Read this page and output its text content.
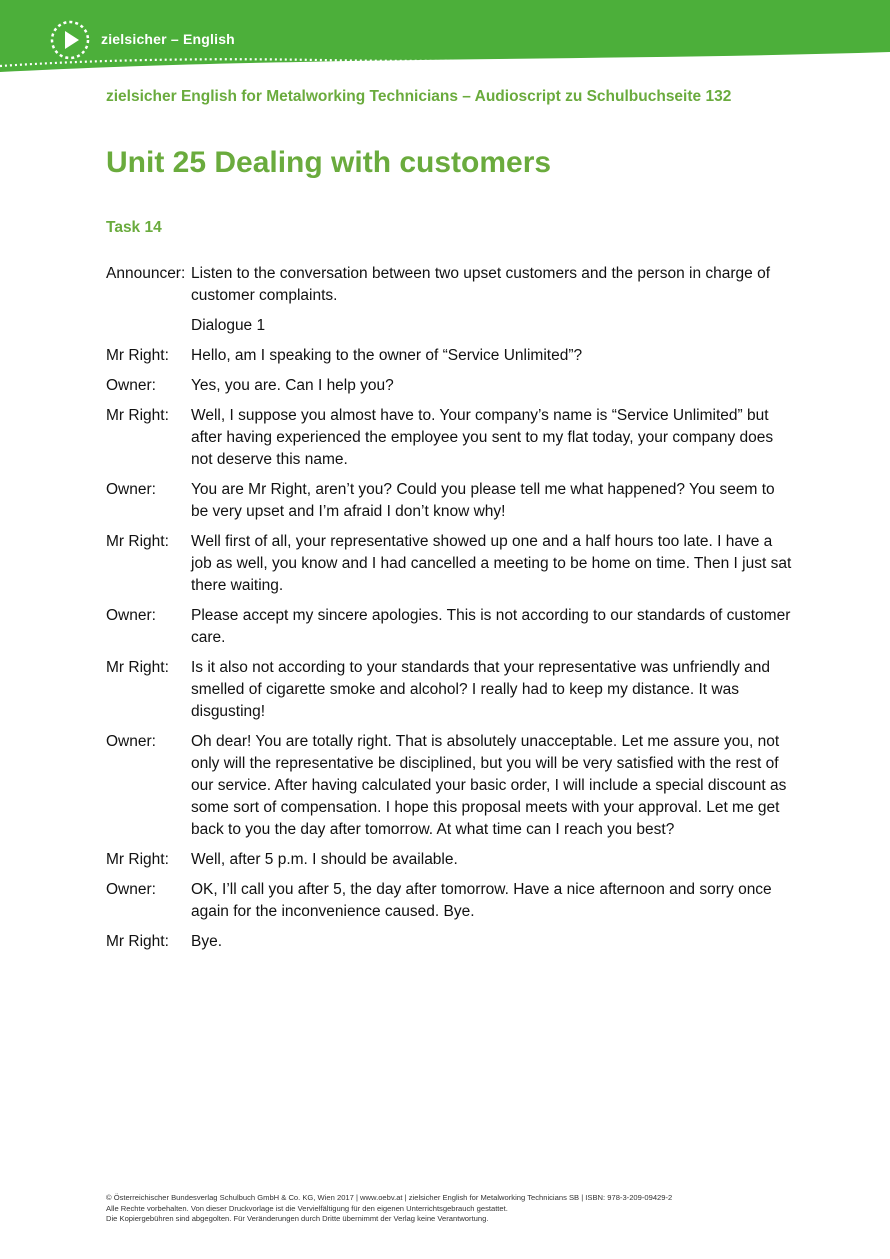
zielsicher – English
zielsicher English for Metalworking Technicians – Audioscript zu Schulbuchseite 132
Unit 25 Dealing with customers
Task 14
Announcer: Listen to the conversation between two upset customers and the person in charge of customer complaints.
Dialogue 1
Mr Right:	Hello, am I speaking to the owner of “Service Unlimited”?
Owner:	Yes, you are. Can I help you?
Mr Right:	Well, I suppose you almost have to. Your company’s name is “Service Unlimited” but after having experienced the employee you sent to my flat today, your company does not deserve this name.
Owner:	You are Mr Right, aren’t you? Could you please tell me what happened? You seem to be very upset and I’m afraid I don’t know why!
Mr Right:	Well first of all, your representative showed up one and a half hours too late. I have a job as well, you know and I had cancelled a meeting to be home on time. Then I just sat there waiting.
Owner:	Please accept my sincere apologies. This is not according to our standards of customer care.
Mr Right:	Is it also not according to your standards that your representative was unfriendly and smelled of cigarette smoke and alcohol? I really had to keep my distance. It was disgusting!
Owner:	Oh dear! You are totally right. That is absolutely unacceptable. Let me assure you, not only will the representative be disciplined, but you will be very satisfied with the rest of our service. After having calculated your basic order, I will include a special discount as some sort of compensation. I hope this proposal meets with your approval. Let me get back to you the day after tomorrow. At what time can I reach you best?
Mr Right:	Well, after 5 p.m. I should be available.
Owner:	OK, I’ll call you after 5, the day after tomorrow. Have a nice afternoon and sorry once again for the inconvenience caused. Bye.
Mr Right:	Bye.
© Österreichischer Bundesverlag Schulbuch GmbH & Co. KG, Wien 2017 | www.oebv.at | zielsicher English for Metalworking Technicians SB | ISBN: 978-3-209-09429-2
Alle Rechte vorbehalten. Von dieser Druckvorlage ist die Vervielfältigung für den eigenen Unterrichtsgebrauch gestattet.
Die Kopiergebühren sind abgegolten. Für Veränderungen durch Dritte übernimmt der Verlag keine Verantwortung.
